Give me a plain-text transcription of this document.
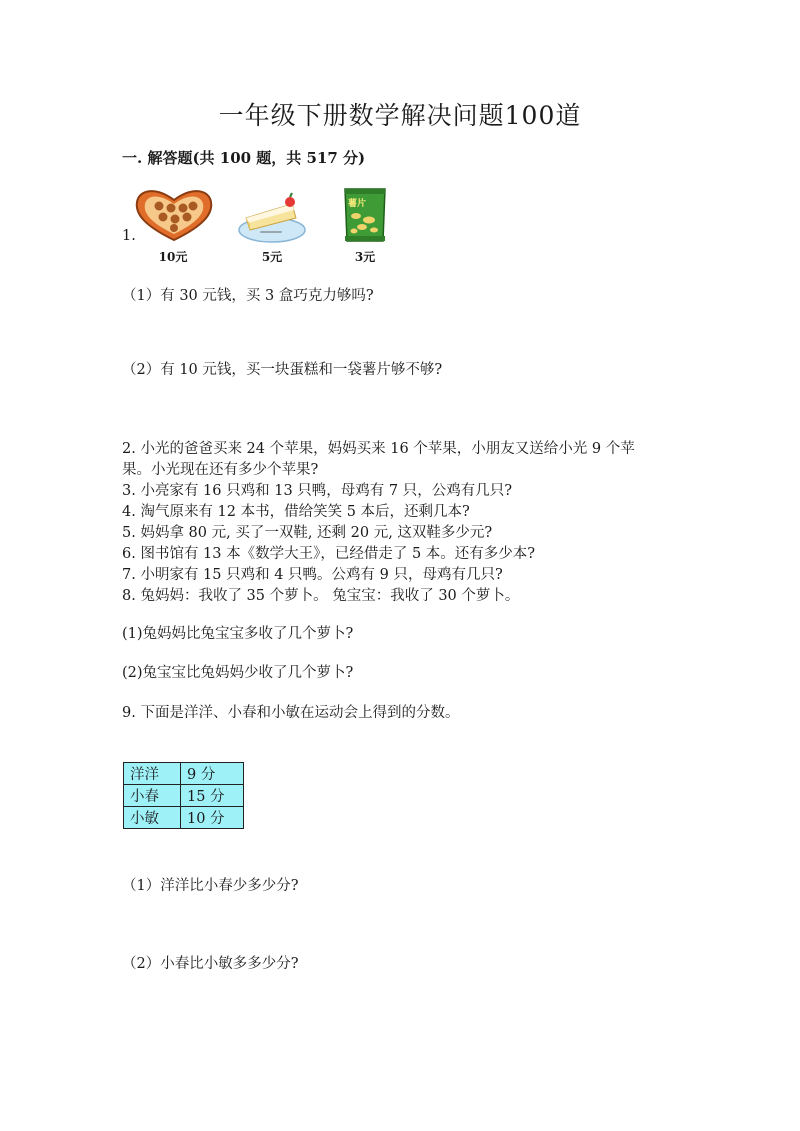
一年级下册数学解决问题100道
一. 解答题(共 100 题，共 517 分)
1.
10元	5元
薯片
3元
（1）有 30 元钱，买 3 盒巧克力够吗?
（2）有 10 元钱，买一块蛋糕和一袋薯片够不够?
2. 小光的爸爸买来 24 个苹果，妈妈买来 16 个苹果，小朋友又送给小光 9 个苹
果。小光现在还有多少个苹果?
3. 小亮家有 16 只鸡和 13 只鸭，母鸡有 7 只，公鸡有几只?
4. 淘气原来有 12 本书，借给笑笑 5 本后，还剩几本?
5. 妈妈拿 80 元, 买了一双鞋, 还剩 20 元, 这双鞋多少元?
6. 图书馆有 13 本《数学大王》，已经借走了 5 本。还有多少本?
7. 小明家有 15 只鸡和 4 只鸭。公鸡有 9 只，母鸡有几只?
8. 兔妈妈：我收了 35 个萝卜。 兔宝宝：我收了 30 个萝卜。
(1)兔妈妈比兔宝宝多收了几个萝卜?
(2)兔宝宝比兔妈妈少收了几个萝卜?
9. 下面是洋洋、小春和小敏在运动会上得到的分数。
洋洋	9 分
小春	15 分
小敏	10 分
（1）洋洋比小春少多少分?
（2）小春比小敏多多少分?
